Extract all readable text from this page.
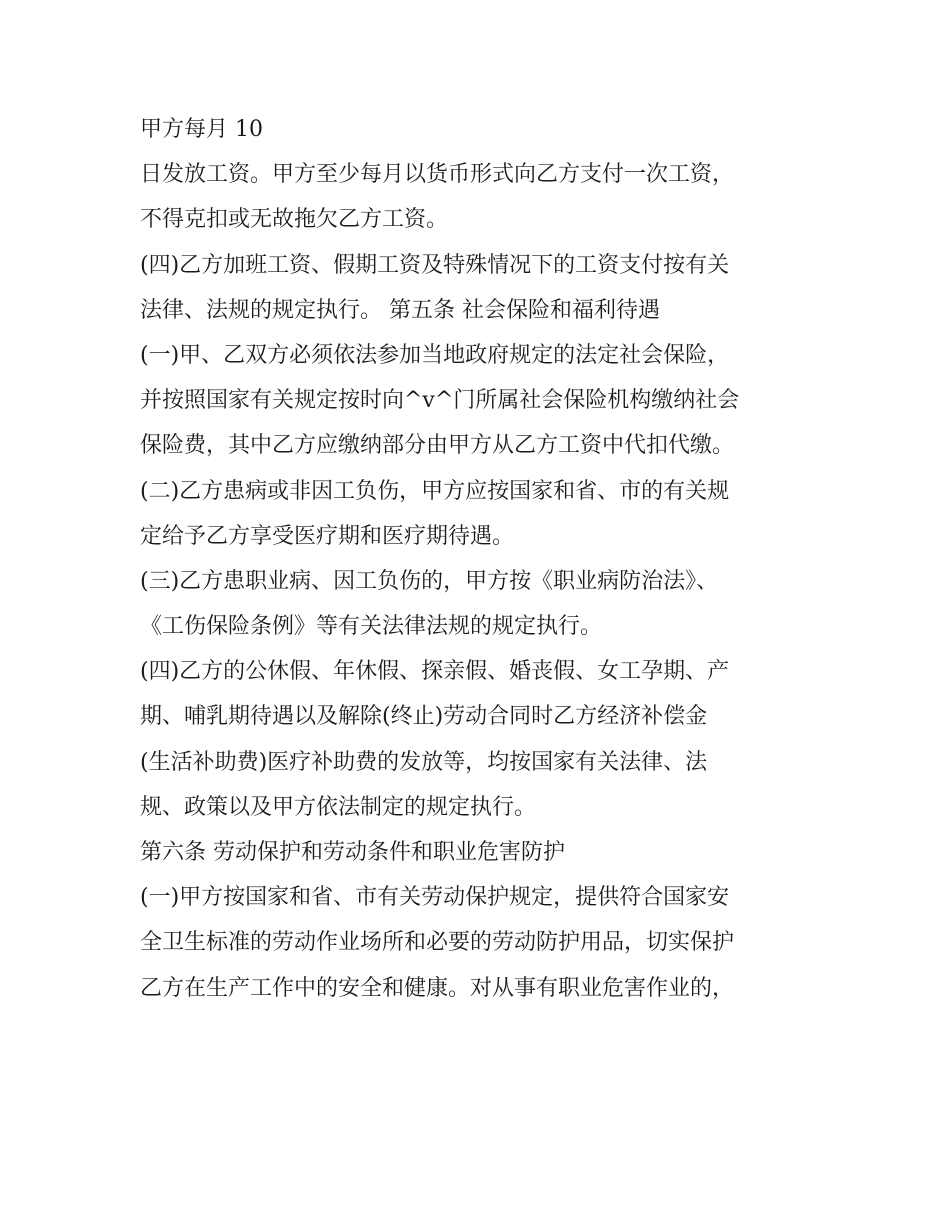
甲方每月 10
日发放工资。甲方至少每月以货币形式向乙方支付一次工资，
不得克扣或无故拖欠乙方工资。
(四)乙方加班工资、假期工资及特殊情况下的工资支付按有关
法律、法规的规定执行。 第五条 社会保险和福利待遇
(一)甲、乙双方必须依法参加当地政府规定的法定社会保险，
并按照国家有关规定按时向^v^门所属社会保险机构缴纳社会
保险费，其中乙方应缴纳部分由甲方从乙方工资中代扣代缴。
(二)乙方患病或非因工负伤，甲方应按国家和省、市的有关规
定给予乙方享受医疗期和医疗期待遇。
(三)乙方患职业病、因工负伤的，甲方按《职业病防治法》、
《工伤保险条例》等有关法律法规的规定执行。
(四)乙方的公休假、年休假、探亲假、婚丧假、女工孕期、产
期、哺乳期待遇以及解除(终止)劳动合同时乙方经济补偿金
(生活补助费)医疗补助费的发放等，均按国家有关法律、法
规、政策以及甲方依法制定的规定执行。
第六条 劳动保护和劳动条件和职业危害防护
(一)甲方按国家和省、市有关劳动保护规定，提供符合国家安
全卫生标准的劳动作业场所和必要的劳动防护用品，切实保护
乙方在生产工作中的安全和健康。对从事有职业危害作业的，
